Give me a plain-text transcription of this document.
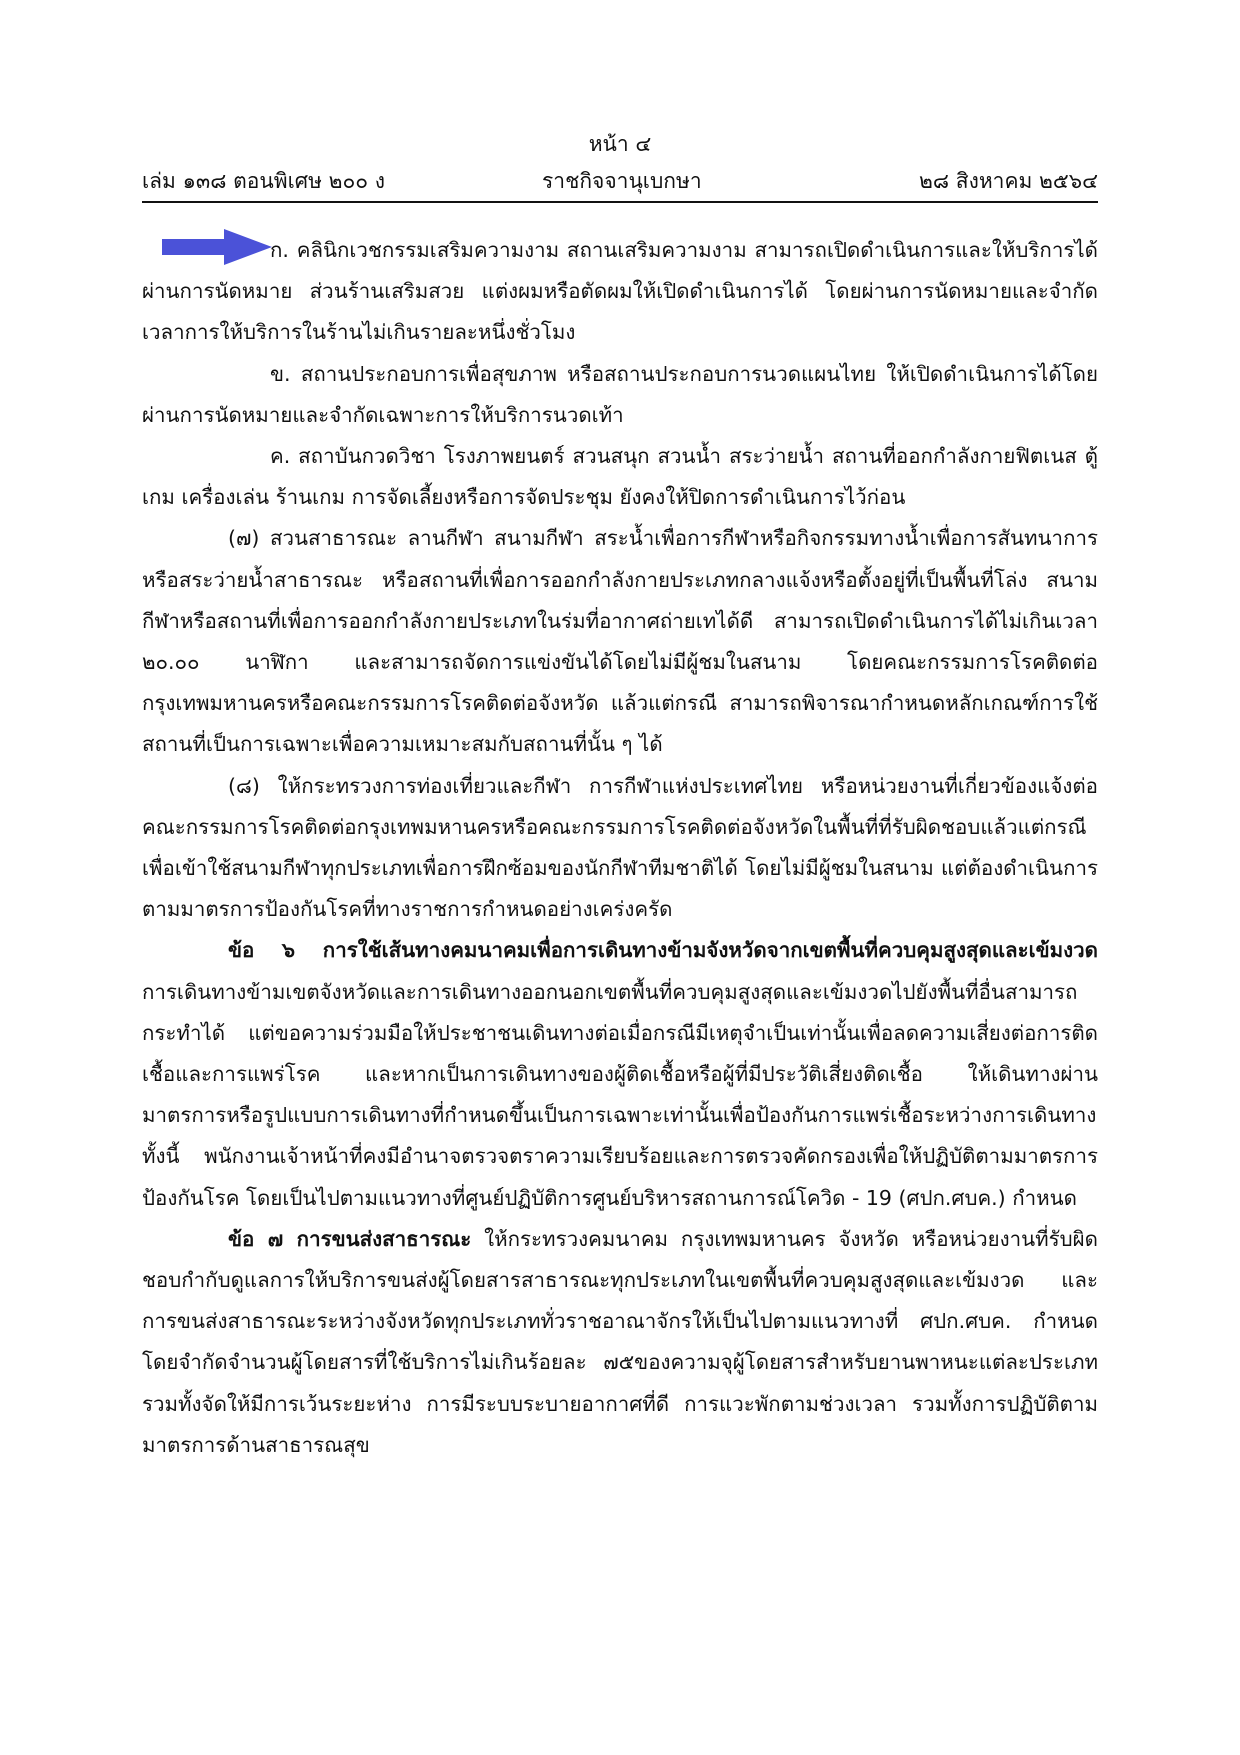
หน้า ๔
เล่ม ๑๓๘ ตอนพิเศษ ๒๐๐ ง	ราชกิจจานุเบกษา	๒๘ สิงหาคม ๒๕๖๔

ก. คลินิกเวชกรรมเสริมความงาม สถานเสริมความงาม สามารถเปิดดำเนินการและให้บริการได้ผ่านการนัดหมาย ส่วนร้านเสริมสวย แต่งผมหรือตัดผมให้เปิดดำเนินการได้ โดยผ่านการนัดหมายและจำกัดเวลาการให้บริการในร้านไม่เกินรายละหนึ่งชั่วโมง

ข. สถานประกอบการเพื่อสุขภาพ หรือสถานประกอบการนวดแผนไทย ให้เปิดดำเนินการได้โดยผ่านการนัดหมายและจำกัดเฉพาะการให้บริการนวดเท้า

ค. สถาบันกวดวิชา โรงภาพยนตร์ สวนสนุก สวนน้ำ สระว่ายน้ำ สถานที่ออกกำลังกายฟิตเนส ตู้เกม เครื่องเล่น ร้านเกม การจัดเลี้ยงหรือการจัดประชุม ยังคงให้ปิดการดำเนินการไว้ก่อน

(๗) สวนสาธารณะ ลานกีฬา สนามกีฬา สระน้ำเพื่อการกีฬาหรือกิจกรรมทางน้ำเพื่อการสันทนาการ หรือสระว่ายน้ำสาธารณะ หรือสถานที่เพื่อการออกกำลังกายประเภทกลางแจ้งหรือตั้งอยู่ที่เป็นพื้นที่โล่ง สนามกีฬาหรือสถานที่เพื่อการออกกำลังกายประเภทในร่มที่อากาศถ่ายเทได้ดี สามารถเปิดดำเนินการได้ไม่เกินเวลา ๒๐.๐๐ นาฬิกา และสามารถจัดการแข่งขันได้โดยไม่มีผู้ชมในสนาม โดยคณะกรรมการโรคติดต่อกรุงเทพมหานครหรือคณะกรรมการโรคติดต่อจังหวัด แล้วแต่กรณี สามารถพิจารณากำหนดหลักเกณฑ์การใช้สถานที่เป็นการเฉพาะเพื่อความเหมาะสมกับสถานที่นั้น ๆ ได้

(๘) ให้กระทรวงการท่องเที่ยวและกีฬา การกีฬาแห่งประเทศไทย หรือหน่วยงานที่เกี่ยวข้องแจ้งต่อคณะกรรมการโรคติดต่อกรุงเทพมหานครหรือคณะกรรมการโรคติดต่อจังหวัดในพื้นที่ที่รับผิดชอบแล้วแต่กรณี เพื่อเข้าใช้สนามกีฬาทุกประเภทเพื่อการฝึกซ้อมของนักกีฬาทีมชาติได้ โดยไม่มีผู้ชมในสนาม แต่ต้องดำเนินการตามมาตรการป้องกันโรคที่ทางราชการกำหนดอย่างเคร่งครัด

ข้อ ๖ การใช้เส้นทางคมนาคมเพื่อการเดินทางข้ามจังหวัดจากเขตพื้นที่ควบคุมสูงสุดและเข้มงวด การเดินทางข้ามเขตจังหวัดและการเดินทางออกนอกเขตพื้นที่ควบคุมสูงสุดและเข้มงวดไปยังพื้นที่อื่นสามารถกระทำได้ แต่ขอความร่วมมือให้ประชาชนเดินทางต่อเมื่อกรณีมีเหตุจำเป็นเท่านั้นเพื่อลดความเสี่ยงต่อการติดเชื้อและการแพร่โรค และหากเป็นการเดินทางของผู้ติดเชื้อหรือผู้ที่มีประวัติเสี่ยงติดเชื้อ ให้เดินทางผ่านมาตรการหรือรูปแบบการเดินทางที่กำหนดขึ้นเป็นการเฉพาะเท่านั้นเพื่อป้องกันการแพร่เชื้อระหว่างการเดินทาง ทั้งนี้ พนักงานเจ้าหน้าที่คงมีอำนาจตรวจตราความเรียบร้อยและการตรวจคัดกรองเพื่อให้ปฏิบัติตามมาตรการป้องกันโรค โดยเป็นไปตามแนวทางที่ศูนย์ปฏิบัติการศูนย์บริหารสถานการณ์โควิด - 19 (ศปก.ศบค.) กำหนด

ข้อ ๗ การขนส่งสาธารณะ ให้กระทรวงคมนาคม กรุงเทพมหานคร จังหวัด หรือหน่วยงานที่รับผิดชอบกำกับดูแลการให้บริการขนส่งผู้โดยสารสาธารณะทุกประเภทในเขตพื้นที่ควบคุมสูงสุดและเข้มงวด และการขนส่งสาธารณะระหว่างจังหวัดทุกประเภททั่วราชอาณาจักรให้เป็นไปตามแนวทางที่ ศปก.ศบค. กำหนด โดยจำกัดจำนวนผู้โดยสารที่ใช้บริการไม่เกินร้อยละ ๗๕ของความจุผู้โดยสารสำหรับยานพาหนะแต่ละประเภท รวมทั้งจัดให้มีการเว้นระยะห่าง การมีระบบระบายอากาศที่ดี การแวะพักตามช่วงเวลา รวมทั้งการปฏิบัติตามมาตรการด้านสาธารณสุข
